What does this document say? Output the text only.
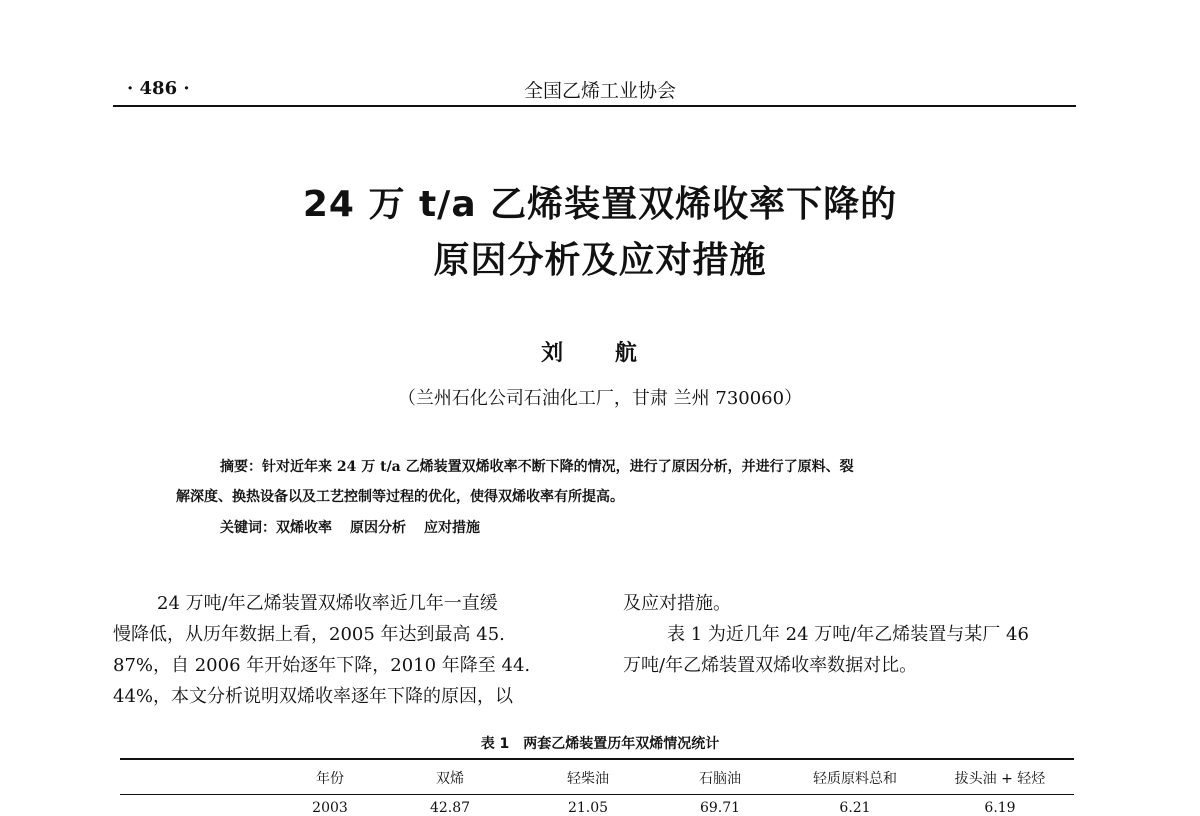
· 486 ·	全国乙烯工业协会
24 万 t/a 乙烯装置双烯收率下降的
原因分析及应对措施
刘 航
（兰州石化公司石油化工厂，甘肃 兰州 730060）
摘要：针对近年来 24 万 t/a 乙烯装置双烯收率不断下降的情况，进行了原因分析，并进行了原料、裂
解深度、换热设备以及工艺控制等过程的优化，使得双烯收率有所提高。
关键词：双烯收率 原因分析 应对措施
24 万吨/年乙烯装置双烯收率近几年一直缓
慢降低，从历年数据上看，2005 年达到最高 45.
87%，自 2006 年开始逐年下降，2010 年降至 44.
44%，本文分析说明双烯收率逐年下降的原因，以
及应对措施。
表 1 为近几年 24 万吨/年乙烯装置与某厂 46
万吨/年乙烯装置双烯收率数据对比。
表 1　两套乙烯装置历年双烯情况统计
年份	双烯	轻柴油	石脑油	轻质原料总和	拔头油 + 轻烃
2003	42.87	21.05	69.71	6.21	6.19
